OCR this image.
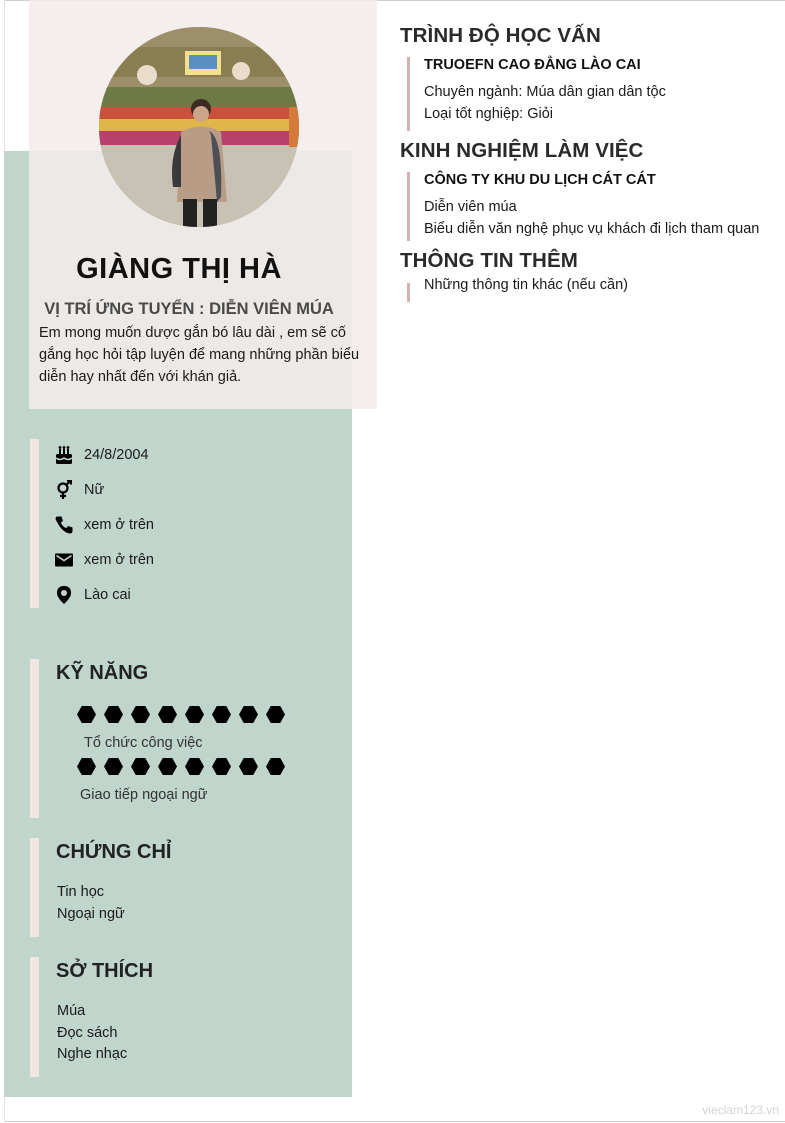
GIÀNG THỊ HÀ
VỊ TRÍ ỨNG TUYỂN : DIỄN VIÊN MÚA
Em mong muốn dược gắn bó lâu dài , em sẽ cố gắng học hỏi tập luyện để mang những phần biểu diễn hay nhất đến với khán giả.
24/8/2004
Nữ
xem ở trên
xem ở trên
Lào cai
KỸ NĂNG
Tổ chức công việc
Giao tiếp ngoại ngữ
CHỨNG CHỈ
Tin học
Ngoại ngữ
SỞ THÍCH
Múa
Đọc sách
Nghe nhạc
TRÌNH ĐỘ HỌC VẤN
TRUOEFN CAO ĐẲNG LÀO CAI
Chuyên ngành: Múa dân gian dân tộc
Loại tốt nghiệp: Giỏi
KINH NGHIỆM LÀM VIỆC
CÔNG TY KHU DU LỊCH CÁT CÁT
Diễn viên múa
Biểu diễn văn nghệ phục vụ khách đi lịch tham quan
THÔNG TIN THÊM
Những thông tin khác (nếu cần)
vieclam123.vn
